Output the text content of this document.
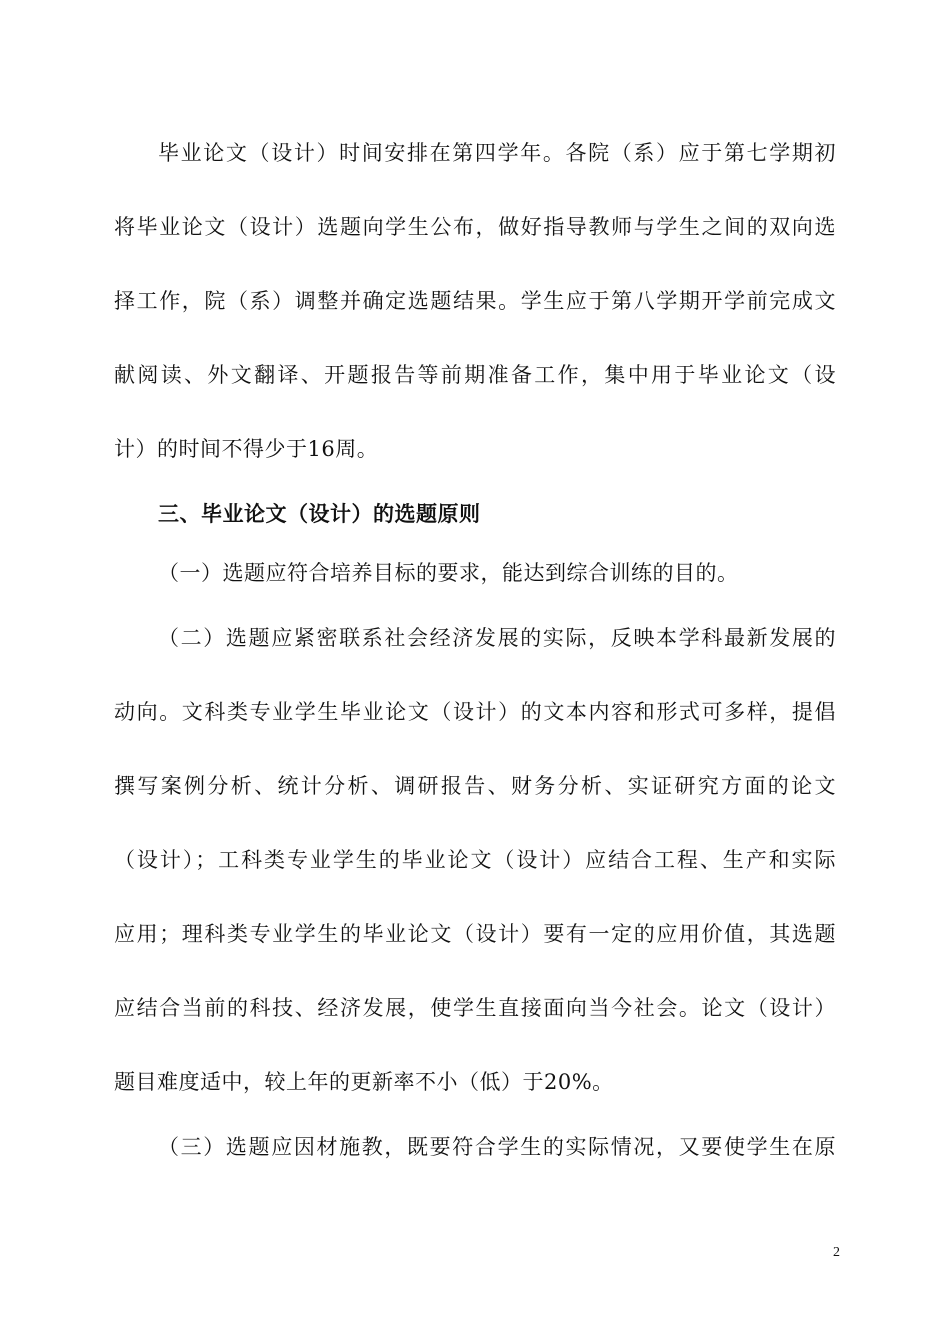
毕业论文（设计）时间安排在第四学年。各院（系）应于第七学期初
将毕业论文（设计）选题向学生公布，做好指导教师与学生之间的双向选
择工作，院（系）调整并确定选题结果。学生应于第八学期开学前完成文
献阅读、外文翻译、开题报告等前期准备工作，集中用于毕业论文（设
计）的时间不得少于16周。
三、毕业论文（设计）的选题原则
（一）选题应符合培养目标的要求，能达到综合训练的目的。
（二）选题应紧密联系社会经济发展的实际，反映本学科最新发展的
动向。文科类专业学生毕业论文（设计）的文本内容和形式可多样，提倡
撰写案例分析、统计分析、调研报告、财务分析、实证研究方面的论文
（设计）；工科类专业学生的毕业论文（设计）应结合工程、生产和实际
应用；理科类专业学生的毕业论文（设计）要有一定的应用价值，其选题
应结合当前的科技、经济发展，使学生直接面向当今社会。论文（设计）
题目难度适中，较上年的更新率不小（低）于20%。
（三）选题应因材施教，既要符合学生的实际情况，又要使学生在原
2
